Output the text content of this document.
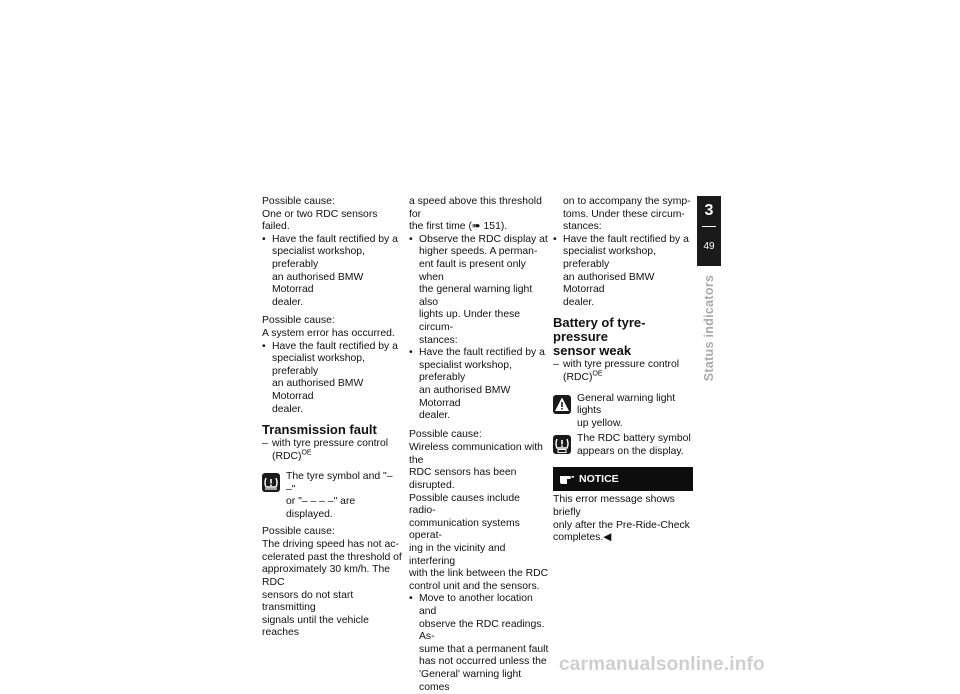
Possible cause:

One or two RDC sensors failed.

• Have the fault rectified by a
specialist workshop, preferably
an authorised BMW Motorrad
dealer.

Possible cause:

A system error has occurred.

• Have the fault rectified by a
specialist workshop, preferably
an authorised BMW Motorrad
dealer.
Transmission fault
– with tyre pressure control
(RDC)$^{OE}$
The tyre symbol and "– –"
or "– – – –" are displayed.

Possible cause:

The driving speed has not ac-
celerated past the threshold of
approximately 30 km/h. The RDC
sensors do not start transmitting
signals until the vehicle reaches
a speed above this threshold for
the first time (➠ 151).
• Observe the RDC display at
higher speeds. A perman-
ent fault is present only when
the general warning light also
lights up. Under these circum-
stances:
• Have the fault rectified by a
specialist workshop, preferably
an authorised BMW Motorrad
dealer.

Possible cause:

Wireless communication with the
RDC sensors has been disrupted.
Possible causes include radio-
communication systems operat-
ing in the vicinity and interfering
with the link between the RDC
control unit and the sensors.
• Move to another location and
observe the RDC readings. As-
sume that a permanent fault
has not occurred unless the
'General' warning light comes
on to accompany the symp-
toms. Under these circum-
stances:
• Have the fault rectified by a
specialist workshop, preferably
an authorised BMW Motorrad
dealer.
Battery of tyre-pressure
sensor weak
– with tyre pressure control
(RDC)$^{OE}$
General warning light lights
up yellow.
The RDC battery symbol
appears on the display.
NOTICE
This error message shows briefly
only after the Pre-Ride-Check
completes.◀
3
49
Status indicators
carmanualsonline.info
